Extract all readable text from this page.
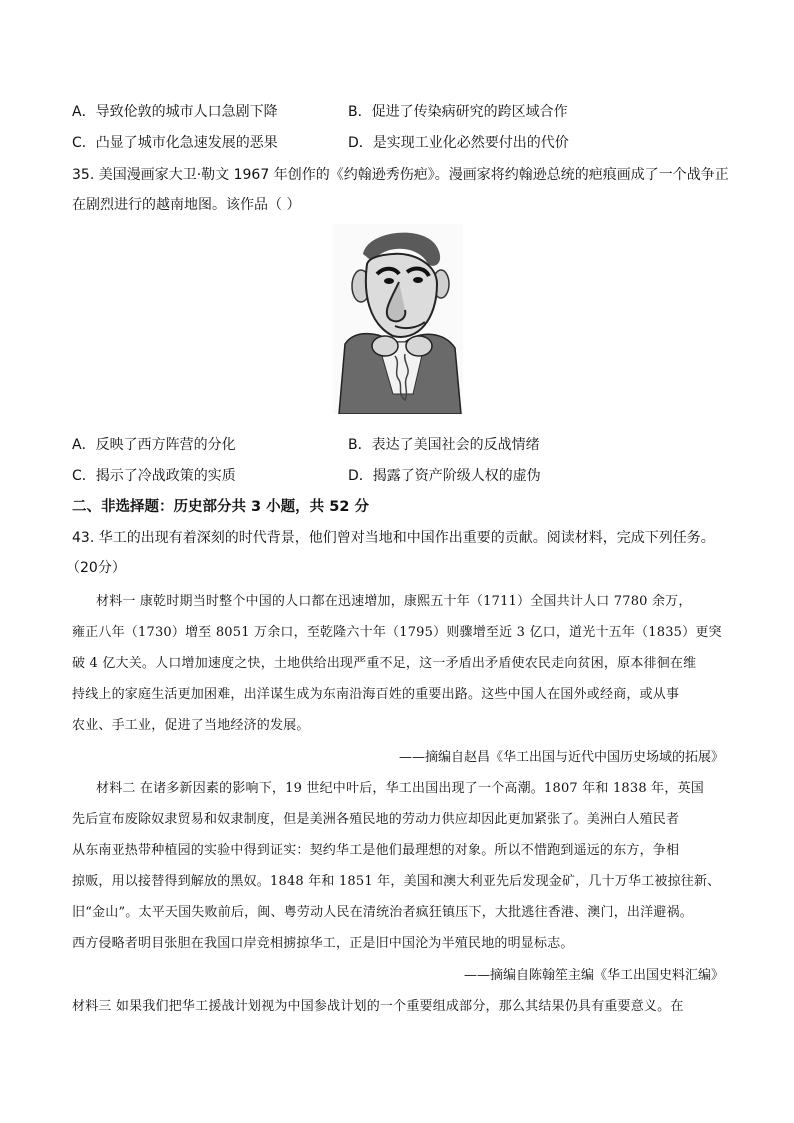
A．导致伦敦的城市人口急剧下降	B．促进了传染病研究的跨区域合作
C．凸显了城市化急速发展的恶果	D．是实现工业化必然要付出的代价
35. 美国漫画家大卫·勒文 1967 年创作的《约翰逊秀伤疤》。漫画家将约翰逊总统的疤痕画成了一个战争正
在剧烈进行的越南地图。该作品（ ）
A．反映了西方阵营的分化	B．表达了美国社会的反战情绪
C．揭示了冷战政策的实质	D．揭露了资产阶级人权的虚伪
二、非选择题：历史部分共 3 小题，共 52 分
43. 华工的出现有着深刻的时代背景，他们曾对当地和中国作出重要的贡献。阅读材料，完成下列任务。
（20分）
材料一 康乾时期当时整个中国的人口都在迅速增加，康熙五十年（1711）全国共计人口 7780 余万，
雍正八年（1730）增至 8051 万余口，至乾隆六十年（1795）则骤增至近 3 亿口，道光十五年（1835）更突
破 4 亿大关。人口增加速度之快，土地供给出现严重不足，这一矛盾出矛盾使农民走向贫困，原本徘徊在维
持线上的家庭生活更加困难，出洋谋生成为东南沿海百姓的重要出路。这些中国人在国外或经商，或从事
农业、手工业，促进了当地经济的发展。
——摘编自赵昌《华工出国与近代中国历史场域的拓展》
材料二 在诸多新因素的影响下，19 世纪中叶后，华工出国出现了一个高潮。1807 年和 1838 年，英国
先后宣布废除奴隶贸易和奴隶制度，但是美洲各殖民地的劳动力供应却因此更加紧张了。美洲白人殖民者
从东南亚热带种植园的实验中得到证实：契约华工是他们最理想的对象。所以不惜跑到遥远的东方，争相
掠贩，用以接替得到解放的黑奴。1848 年和 1851 年，美国和澳大利亚先后发现金矿，几十万华工被掠往新、
旧“金山”。太平天国失败前后，闽、粤劳动人民在清统治者疯狂镇压下，大批逃往香港、澳门，出洋避祸。
西方侵略者明目张胆在我国口岸竞相掳掠华工，正是旧中国沦为半殖民地的明显标志。
——摘编自陈翰笙主编《华工出国史料汇编》
材料三 如果我们把华工援战计划视为中国参战计划的一个重要组成部分，那么其结果仍具有重要意义。在
